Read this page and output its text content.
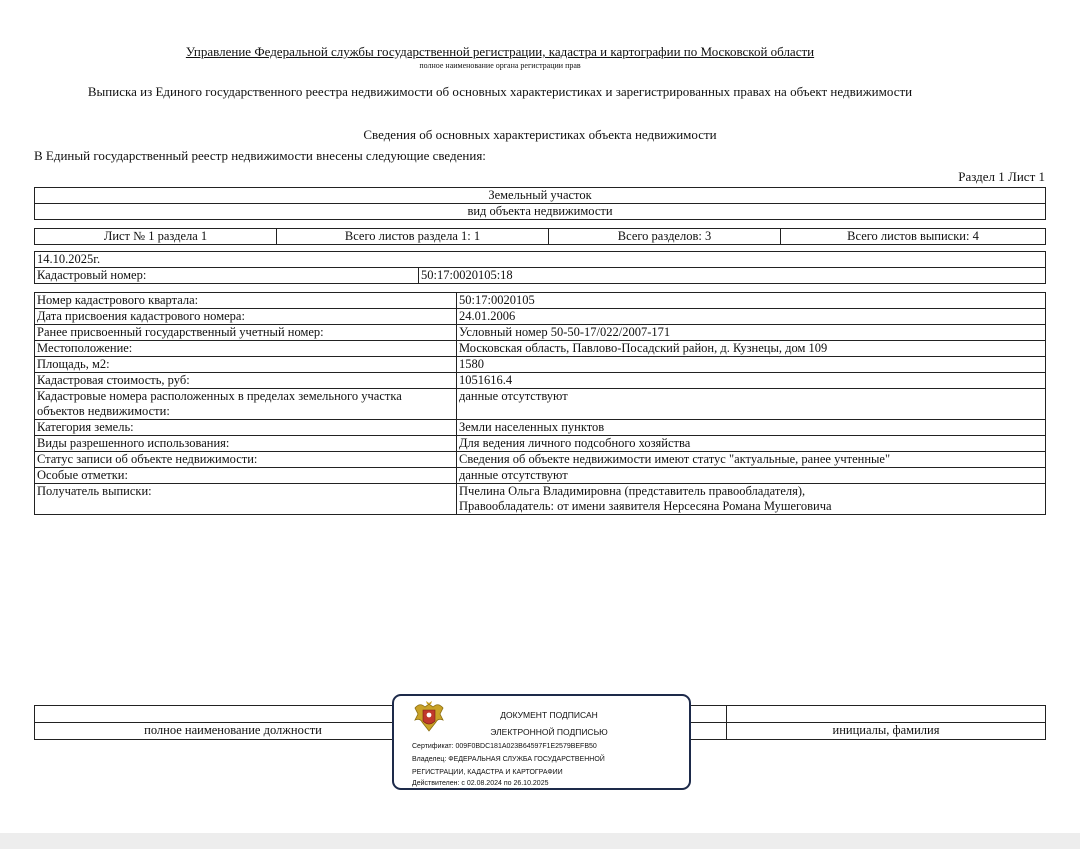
Управление Федеральной службы государственной регистрации, кадастра и картографии по Московской области
полное наименование органа регистрации прав
Выписка из Единого государственного реестра недвижимости об основных характеристиках и зарегистрированных правах на объект недвижимости
Сведения об основных характеристиках объекта недвижимости
В Единый государственный реестр недвижимости внесены следующие сведения:
Раздел 1 Лист 1
Земельный участок
вид объекта недвижимости
Лист № 1 раздела 1	Всего листов раздела 1: 1	Всего разделов: 3	Всего листов выписки: 4
14.10.2025г.
Кадастровый номер:	50:17:0020105:18
Номер кадастрового квартала:	50:17:0020105
Дата присвоения кадастрового номера:	24.01.2006
Ранее присвоенный государственный учетный номер:	Условный номер 50-50-17/022/2007-171
Местоположение:	Московская область, Павлово-Посадский район, д. Кузнецы, дом 109
Площадь, м2:	1580
Кадастровая стоимость, руб:	1051616.4
Кадастровые номера расположенных в пределах земельного участка объектов недвижимости:	данные отсутствуют
Категория земель:	Земли населенных пунктов
Виды разрешенного использования:	Для ведения личного подсобного хозяйства
Статус записи об объекте недвижимости:	Сведения об объекте недвижимости имеют статус "актуальные, ранее учтенные"
Особые отметки:	данные отсутствуют
Получатель выписки:	Пчелина Ольга Владимировна (представитель правообладателя), Правообладатель: от имени заявителя Нерсесяна Романа Мушеговича

полное наименование должности		инициалы, фамилия
ДОКУМЕНТ ПОДПИСАН
ЭЛЕКТРОННОЙ ПОДПИСЬЮ
Сертификат: 009F0BDC181A023B64597F1E2579BEFB50
Владелец: ФЕДЕРАЛЬНАЯ СЛУЖБА ГОСУДАРСТВЕННОЙ
РЕГИСТРАЦИИ, КАДАСТРА И КАРТОГРАФИИ
Действителен: с 02.08.2024 по 26.10.2025
